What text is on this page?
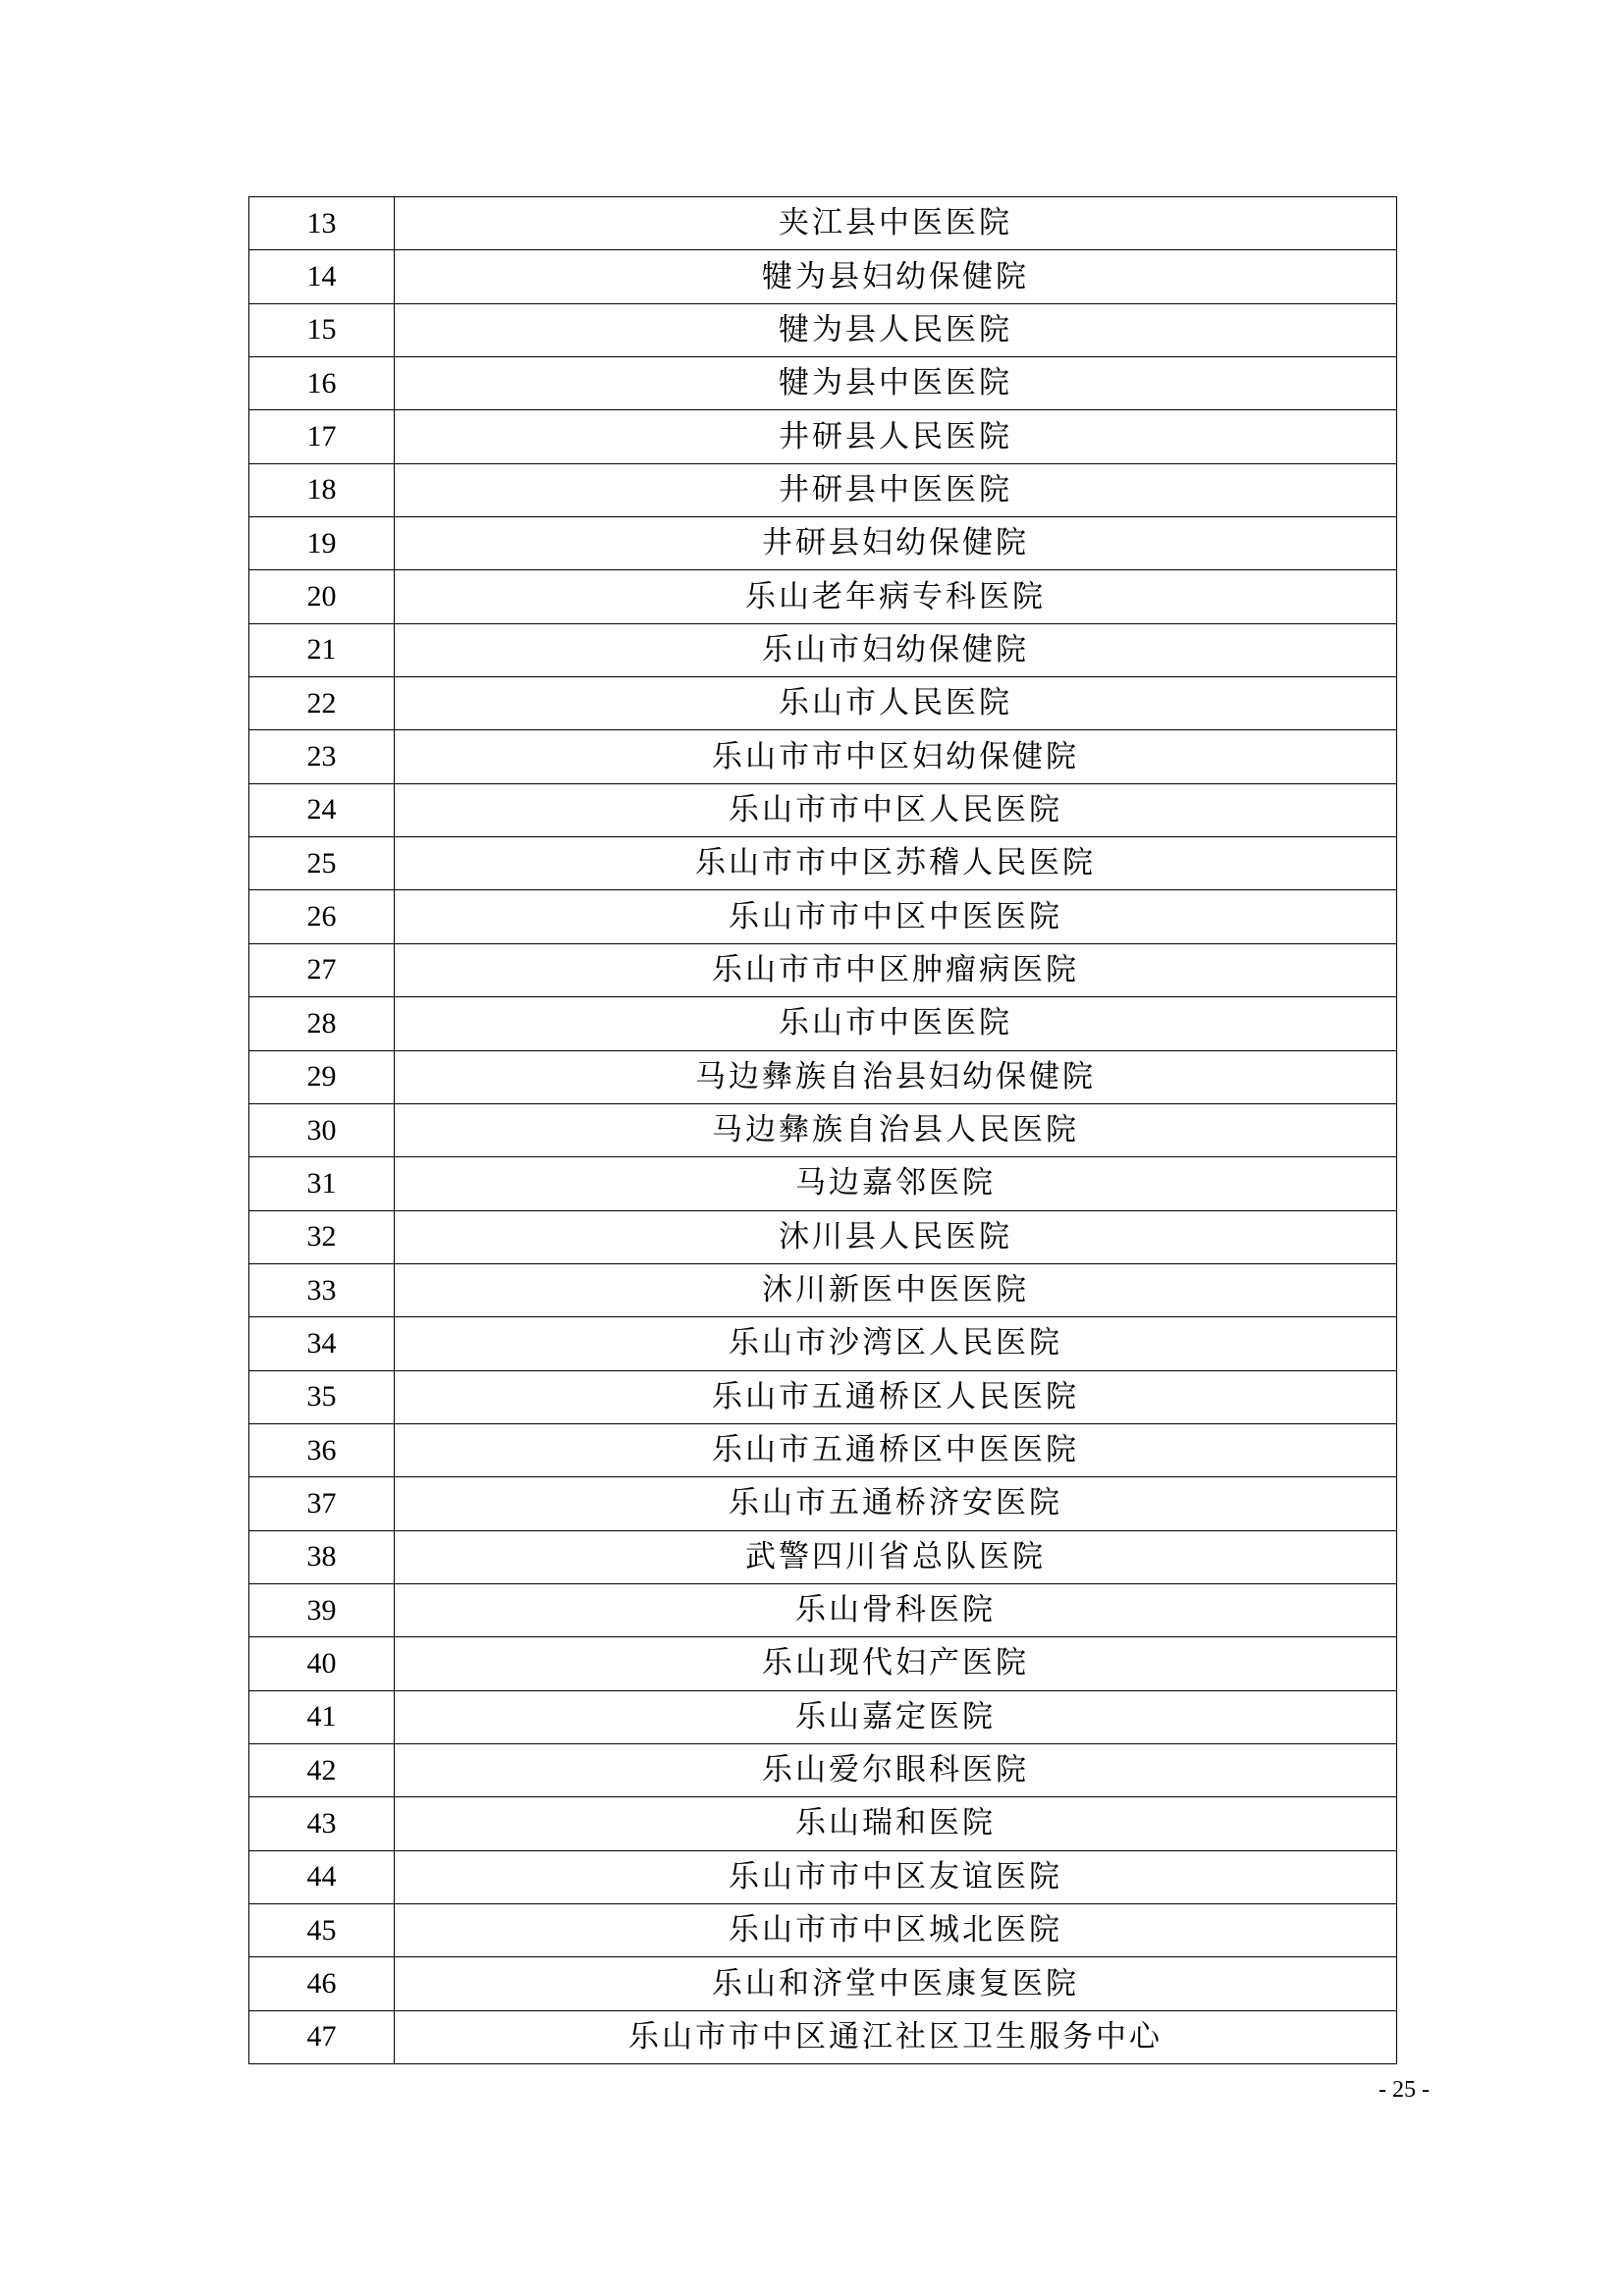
13	夹江县中医医院
14	犍为县妇幼保健院
15	犍为县人民医院
16	犍为县中医医院
17	井研县人民医院
18	井研县中医医院
19	井研县妇幼保健院
20	乐山老年病专科医院
21	乐山市妇幼保健院
22	乐山市人民医院
23	乐山市市中区妇幼保健院
24	乐山市市中区人民医院
25	乐山市市中区苏稽人民医院
26	乐山市市中区中医医院
27	乐山市市中区肿瘤病医院
28	乐山市中医医院
29	马边彝族自治县妇幼保健院
30	马边彝族自治县人民医院
31	马边嘉邻医院
32	沐川县人民医院
33	沐川新医中医医院
34	乐山市沙湾区人民医院
35	乐山市五通桥区人民医院
36	乐山市五通桥区中医医院
37	乐山市五通桥济安医院
38	武警四川省总队医院
39	乐山骨科医院
40	乐山现代妇产医院
41	乐山嘉定医院
42	乐山爱尔眼科医院
43	乐山瑞和医院
44	乐山市市中区友谊医院
45	乐山市市中区城北医院
46	乐山和济堂中医康复医院
47	乐山市市中区通江社区卫生服务中心
- 25 -
